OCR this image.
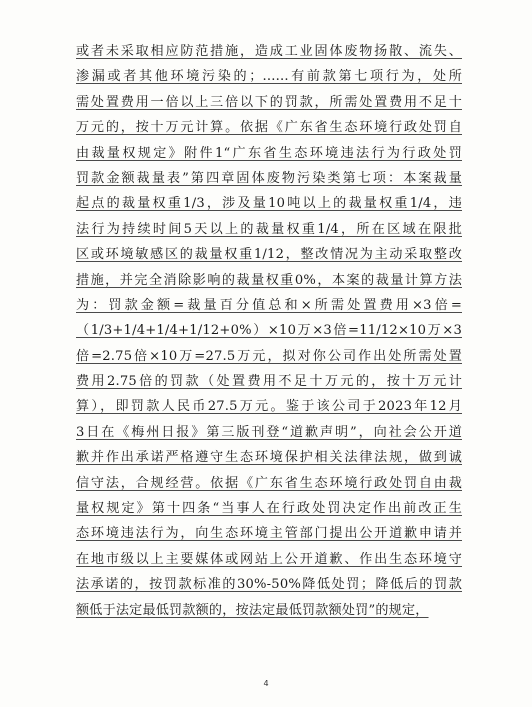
或者未采取相应防范措施，造成工业固体废物扬散、流失、
渗漏或者其他环境污染的；......有前款第七项行为，处所
需处置费用一倍以上三倍以下的罚款，所需处置费用不足十
万元的，按十万元计算。依据《广东省生态环境行政处罚自
由裁量权规定》附件1“广东省生态环境违法行为行政处罚
罚款金额裁量表”第四章固体废物污染类第七项：本案裁量
起点的裁量权重1/3，涉及量10吨以上的裁量权重1/4，违
法行为持续时间5天以上的裁量权重1/4，所在区域在限批
区或环境敏感区的裁量权重1/12，整改情况为主动采取整改
措施，并完全消除影响的裁量权重0%，本案的裁量计算方法
为：罚款金额=裁量百分值总和×所需处置费用×3倍=
（1/3+1/4+1/4+1/12+0%）×10万×3倍=11/12×10万×3
倍=2.75倍×10万=27.5万元，拟对你公司作出处所需处置
费用2.75倍的罚款（处置费用不足十万元的，按十万元计
算），即罚款人民币27.5万元。鉴于该公司于2023年12月
3日在《梅州日报》第三版刊登“道歉声明”，向社会公开道
歉并作出承诺严格遵守生态环境保护相关法律法规，做到诚
信守法，合规经营。依据《广东省生态环境行政处罚自由裁
量权规定》第十四条“当事人在行政处罚决定作出前改正生
态环境违法行为，向生态环境主管部门提出公开道歉申请并
在地市级以上主要媒体或网站上公开道歉、作出生态环境守
法承诺的，按罚款标准的30%-50%降低处罚；降低后的罚款
额低于法定最低罚款额的，按法定最低罚款额处罚”的规定，
4
